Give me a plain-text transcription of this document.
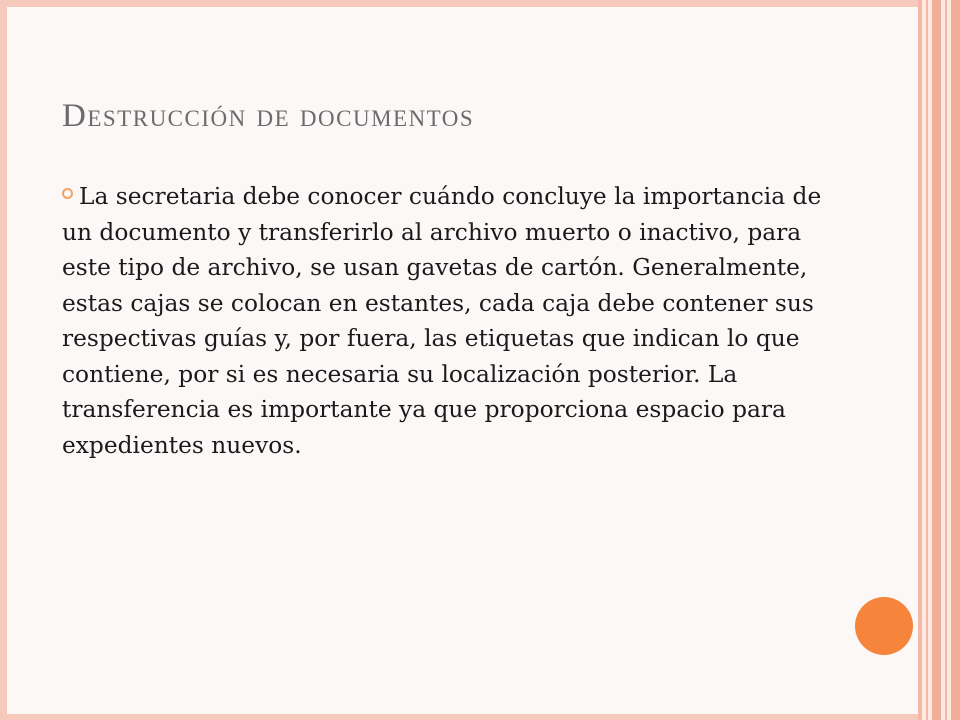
Destrucción de documentos

La secretaria debe conocer cuándo concluye la importancia de un documento y transferirlo al archivo muerto o inactivo, para este tipo de archivo, se usan gavetas de cartón. Generalmente, estas cajas se colocan en estantes, cada caja debe contener sus respectivas guías y, por fuera, las etiquetas que indican lo que contiene, por si es necesaria su localización posterior. La transferencia es importante ya que proporciona espacio para expedientes nuevos.
